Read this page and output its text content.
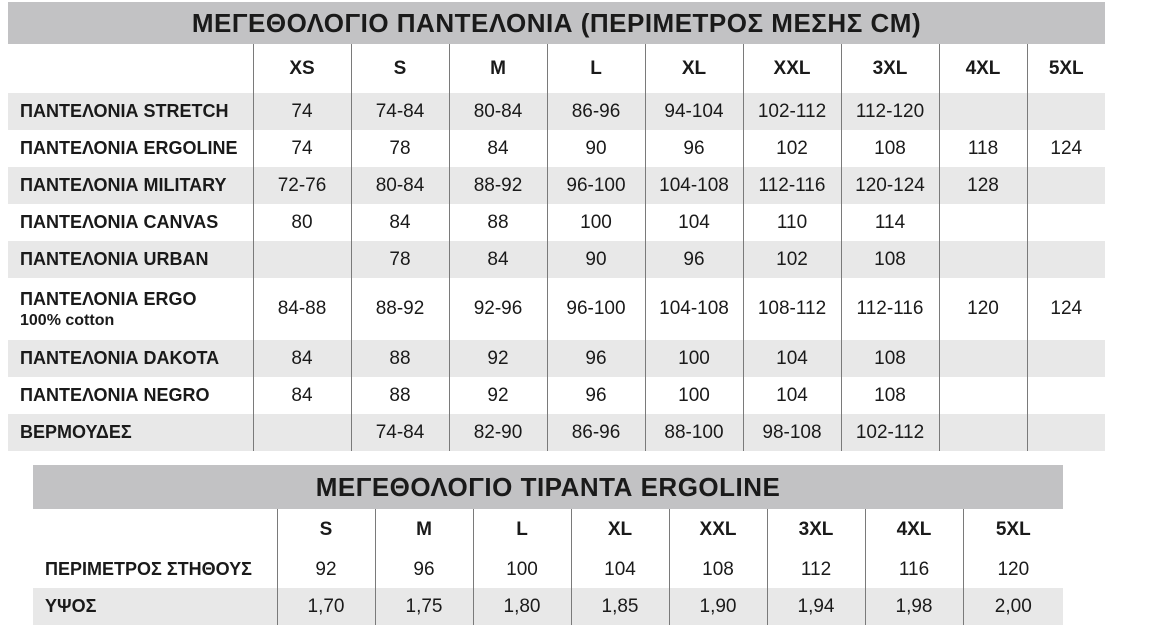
ΜΕΓΕΘΟΛΟΓΙΟ ΠΑΝΤΕΛΟΝΙΑ (ΠΕΡΙΜΕΤΡΟΣ ΜΕΣΗΣ CM)									
	XS	S	M	L	XL	XXL	3XL	4XL	5XL
ΠΑΝΤΕΛΟΝΙΑ STRETCH	74	74-84	80-84	86-96	94-104	102-112	112-120		
ΠΑΝΤΕΛΟΝΙΑ ERGOLINE	74	78	84	90	96	102	108	118	124
ΠΑΝΤΕΛΟΝΙΑ MILITARY	72-76	80-84	88-92	96-100	104-108	112-116	120-124	128	
ΠΑΝΤΕΛΟΝΙΑ CANVAS	80	84	88	100	104	110	114		
ΠΑΝΤΕΛΟΝΙΑ URBAN		78	84	90	96	102	108		
ΠΑΝΤΕΛΟΝΙΑ ERGO
100% cotton	84-88	88-92	92-96	96-100	104-108	108-112	112-116	120	124
ΠΑΝΤΕΛΟΝΙΑ DAKOTA	84	88	92	96	100	104	108		
ΠΑΝΤΕΛΟΝΙΑ NEGRO	84	88	92	96	100	104	108		
ΒΕΡΜΟΥΔΕΣ		74-84	82-90	86-96	88-100	98-108	102-112		
ΜΕΓΕΘΟΛΟΓΙΟ ΤΙΡΑΝΤΑ ERGOLINE								
	S	M	L	XL	XXL	3XL	4XL	5XL
ΠΕΡΙΜΕΤΡΟΣ ΣΤΗΘΟΥΣ	92	96	100	104	108	112	116	120
ΥΨΟΣ	1,70	1,75	1,80	1,85	1,90	1,94	1,98	2,00
